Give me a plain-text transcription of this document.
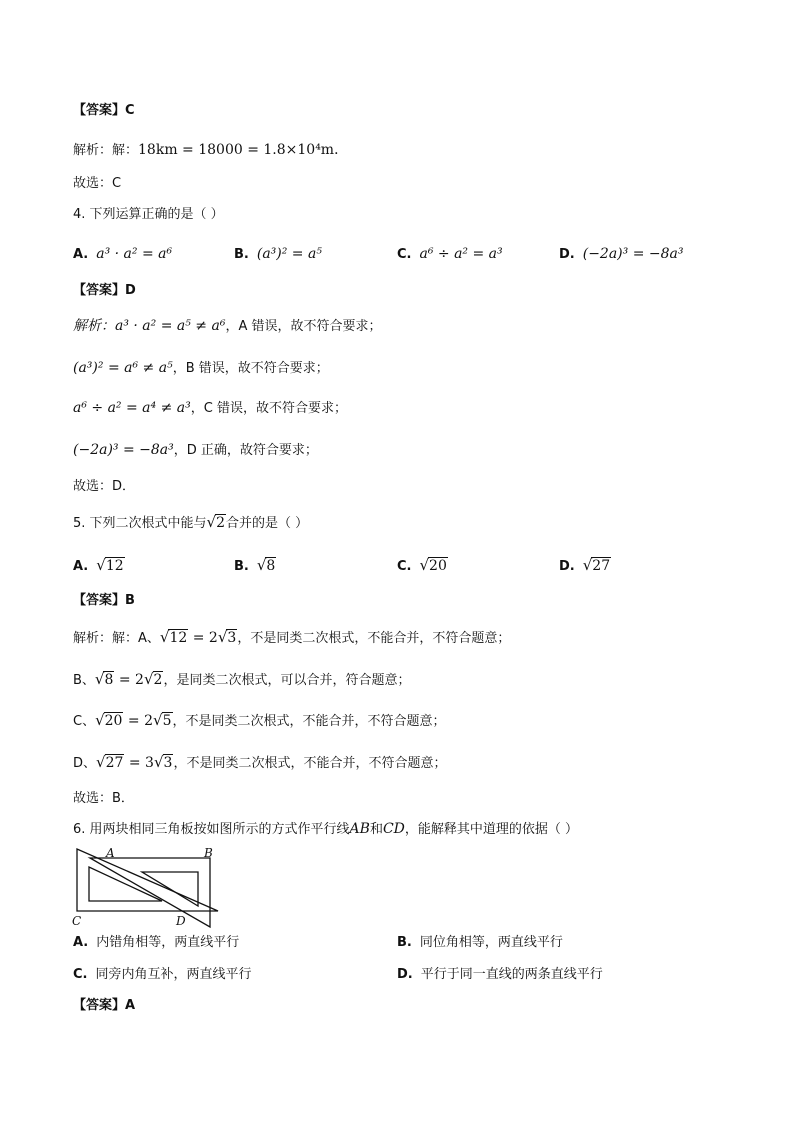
【答案】C
解析：解：18km = 18000 = 1.8×10⁴m．
故选：C
4. 下列运算正确的是（ ）
A. a³ · a² = a⁶	B. (a³)² = a⁵	C. a⁶ ÷ a² = a³	D. (−2a)³ = −8a³
【答案】D
解析：a³ · a² = a⁵ ≠ a⁶，A 错误，故不符合要求；
(a³)² = a⁶ ≠ a⁵，B 错误，故不符合要求；
a⁶ ÷ a² = a⁴ ≠ a³，C 错误，故不符合要求；
(−2a)³ = −8a³，D 正确，故符合要求；
故选：D．
5. 下列二次根式中能与√2合并的是（ ）
A. √12	B. √8	C. √20	D. √27
【答案】B
解析：解：A、√12 = 2√3，不是同类二次根式，不能合并，不符合题意；
B、√8 = 2√2，是同类二次根式，可以合并，符合题意；
C、√20 = 2√5，不是同类二次根式，不能合并，不符合题意；
D、√27 = 3√3，不是同类二次根式，不能合并，不符合题意；
故选：B．
6. 用两块相同三角板按如图所示的方式作平行线AB和CD，能解释其中道理的依据（ ）
A	B
C	D
A. 内错角相等，两直线平行	B. 同位角相等，两直线平行
C. 同旁内角互补，两直线平行	D. 平行于同一直线的两条直线平行
【答案】A
